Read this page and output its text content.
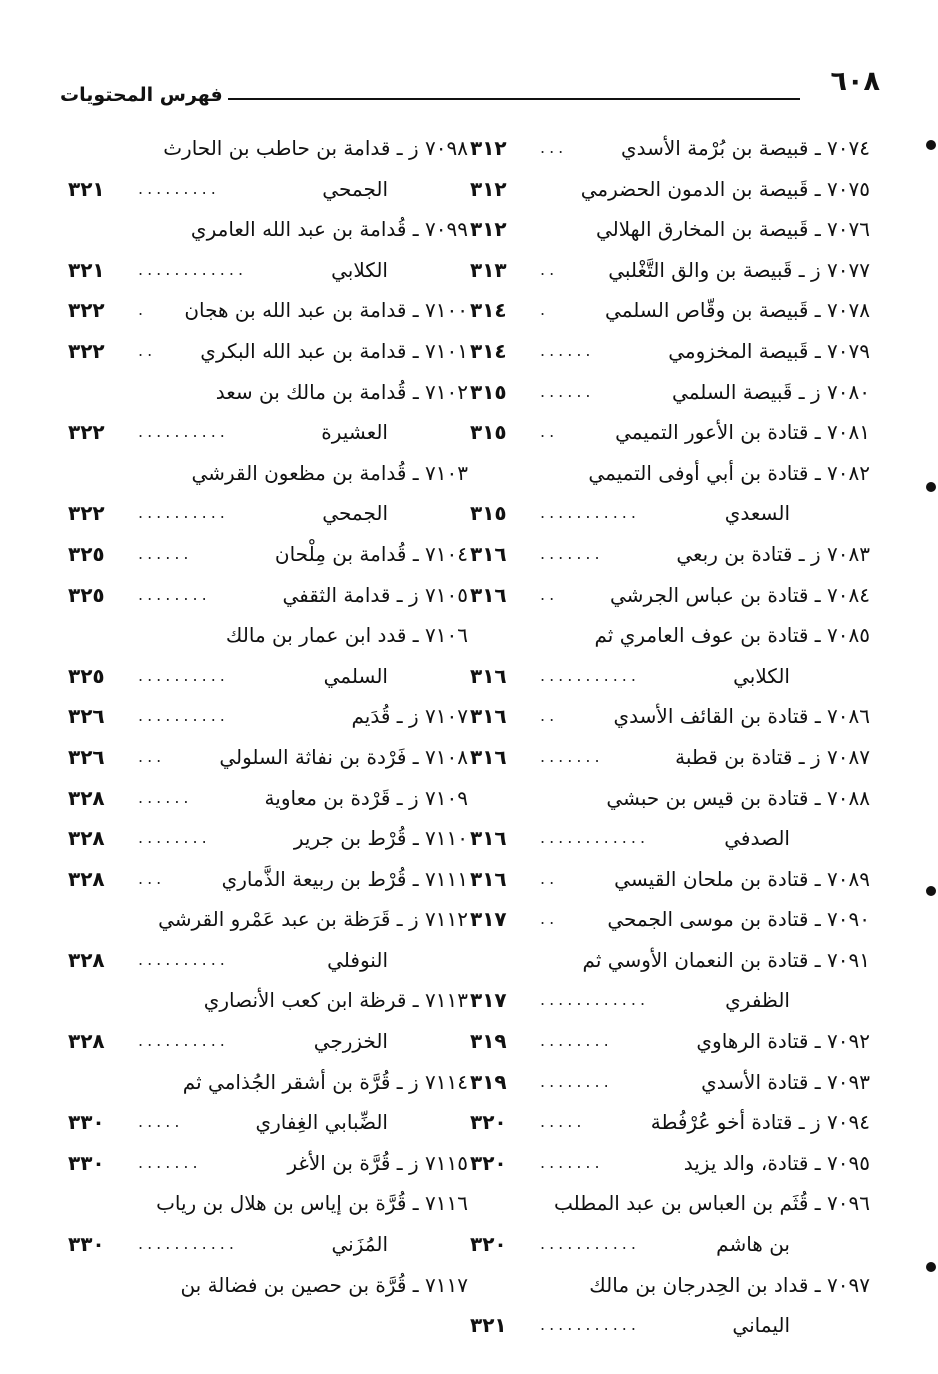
٦٠٨
فهرس المحتويات
٧٠٧٤ ـ قبيصة بن بُرْمة الأسدي
...
٣١٢
٧٠٧٥ ـ قَبيصة بن الدمون الحضرمي
٣١٢
٧٠٧٦ ـ قَبيصة بن المخارق الهلالي
٣١٢
٧٠٧٧ ز ـ قَبيصة بن والق التَّغْلبي
..
٣١٣
٧٠٧٨ ـ قَبيصة بن وقّاص السلمي
.
٣١٤
٧٠٧٩ ـ قَبيصة المخزومي
......
٣١٤
٧٠٨٠ ز ـ قَبيصة السلمي
......
٣١٥
٧٠٨١ ـ قتادة بن الأعور التميمي
..
٣١٥
٧٠٨٢ ـ قتادة بن أبي أوفى التميمي
السعدي
...........
٣١٥
٧٠٨٣ ز ـ قتادة بن ربعي
.......
٣١٦
٧٠٨٤ ـ قتادة بن عباس الجرشي
..
٣١٦
٧٠٨٥ ـ قتادة بن عوف العامري ثم
الكلابي
...........
٣١٦
٧٠٨٦ ـ قتادة بن القائف الأسدي
..
٣١٦
٧٠٨٧ ز ـ قتادة بن قطبة
.......
٣١٦
٧٠٨٨ ـ قتادة بن قيس بن حبشي
الصدفي
............
٣١٦
٧٠٨٩ ـ قتادة بن ملحان القيسي
..
٣١٦
٧٠٩٠ ـ قتادة بن موسى الجمحي
..
٣١٧
٧٠٩١ ـ قتادة بن النعمان الأوسي ثم
الظفري
............
٣١٧
٧٠٩٢ ـ قتادة الرهاوي
........
٣١٩
٧٠٩٣ ـ قتادة الأسدي
........
٣١٩
٧٠٩٤ ز ـ قتادة أخو عُرْفُطة
.....
٣٢٠
٧٠٩٥ ـ قتادة، والد يزيد
.......
٣٢٠
٧٠٩٦ ـ قُثَم بن العباس بن عبد المطلب
بن هاشم
...........
٣٢٠
٧٠٩٧ ـ قداد بن الحِدرجان بن مالك
اليماني
...........
٣٢١
٧٠٩٨ ز ـ قدامة بن حاطب بن الحارث
الجمحي
.........
٣٢١
٧٠٩٩ ـ قُدامة بن عبد الله العامري
الكلابي
............
٣٢١
٧١٠٠ ـ قدامة بن عبد الله بن هجان
.
٣٢٢
٧١٠١ ـ قدامة بن عبد الله البكري
..
٣٢٢
٧١٠٢ ـ قُدامة بن مالك بن سعد
العشيرة
..........
٣٢٢
٧١٠٣ ـ قُدامة بن مظعون القرشي
الجمحي
..........
٣٢٢
٧١٠٤ ـ قُدامة بن مِلْحان
......
٣٢٥
٧١٠٥ ز ـ قدامة الثقفي
........
٣٢٥
٧١٠٦ ـ قدد ابن عمار بن مالك
السلمي
..........
٣٢٥
٧١٠٧ ز ـ قُدَيم
..........
٣٢٦
٧١٠٨ ـ فَرْدة بن نفاثة السلولي
...
٣٢٦
٧١٠٩ ز ـ قَرْدة بن معاوية
......
٣٢٨
٧١١٠ ـ قُرْط بن جرير
........
٣٢٨
٧١١١ ـ قُرْط بن ربيعة الذَّماري
...
٣٢٨
٧١١٢ ز ـ قَرَظة بن عبد عَمْرو القرشي
النوفلي
..........
٣٢٨
٧١١٣ ـ قرظة ابن كعب الأنصاري
الخزرجي
..........
٣٢٨
٧١١٤ ز ـ قُرَّة بن أشقر الجُذامي ثم
الضِّبابي الغِفاري
.....
٣٣٠
٧١١٥ ز ـ قُرَّة بن الأغر
.......
٣٣٠
٧١١٦ ـ قُرَّة بن إياس بن هلال بن رياب
المُزَني
...........
٣٣٠
٧١١٧ ـ قُرَّة بن حصين بن فضالة بن
